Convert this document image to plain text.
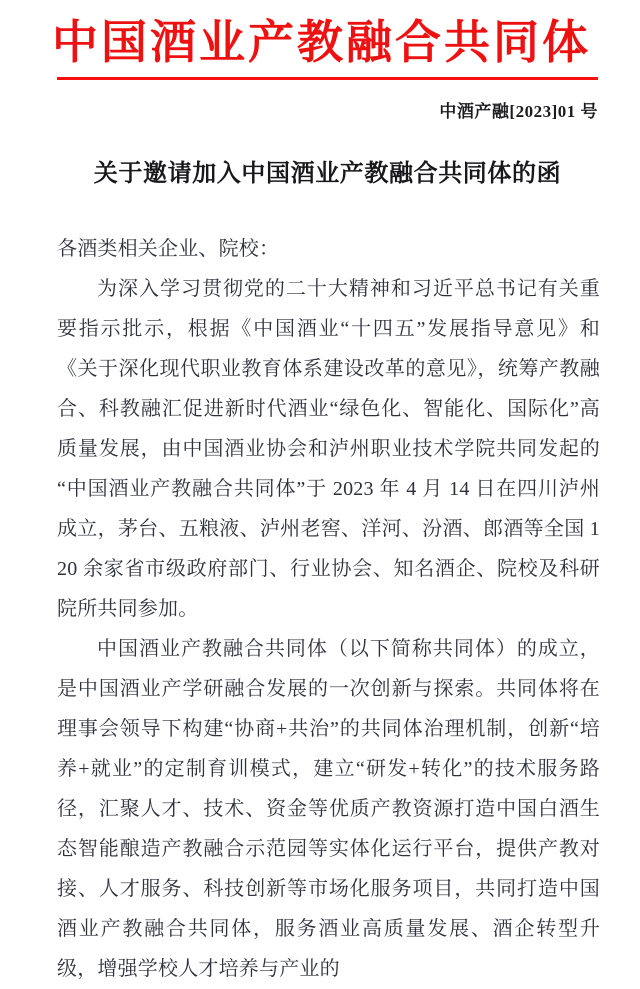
中国酒业产教融合共同体
中酒产融[2023]01 号
关于邀请加入中国酒业产教融合共同体的函

各酒类相关企业、院校：

为深入学习贯彻党的二十大精神和习近平总书记有关重要指示批示，根据《中国酒业“十四五”发展指导意见》和《关于深化现代职业教育体系建设改革的意见》，统筹产教融合、科教融汇促进新时代酒业“绿色化、智能化、国际化”高质量发展，由中国酒业协会和泸州职业技术学院共同发起的“中国酒业产教融合共同体”于 2023 年 4 月 14 日在四川泸州成立，茅台、五粮液、泸州老窖、洋河、汾酒、郎酒等全国 120 余家省市级政府部门、行业协会、知名酒企、院校及科研院所共同参加。

中国酒业产教融合共同体（以下简称共同体）的成立，是中国酒业产学研融合发展的一次创新与探索。共同体将在理事会领导下构建“协商+共治”的共同体治理机制，创新“培养+就业”的定制育训模式，建立“研发+转化”的技术服务路径，汇聚人才、技术、资金等优质产教资源打造中国白酒生态智能酿造产教融合示范园等实体化运行平台，提供产教对接、人才服务、科技创新等市场化服务项目，共同打造中国酒业产教融合共同体，服务酒业高质量发展、酒企转型升级，增强学校人才培养与产业的
